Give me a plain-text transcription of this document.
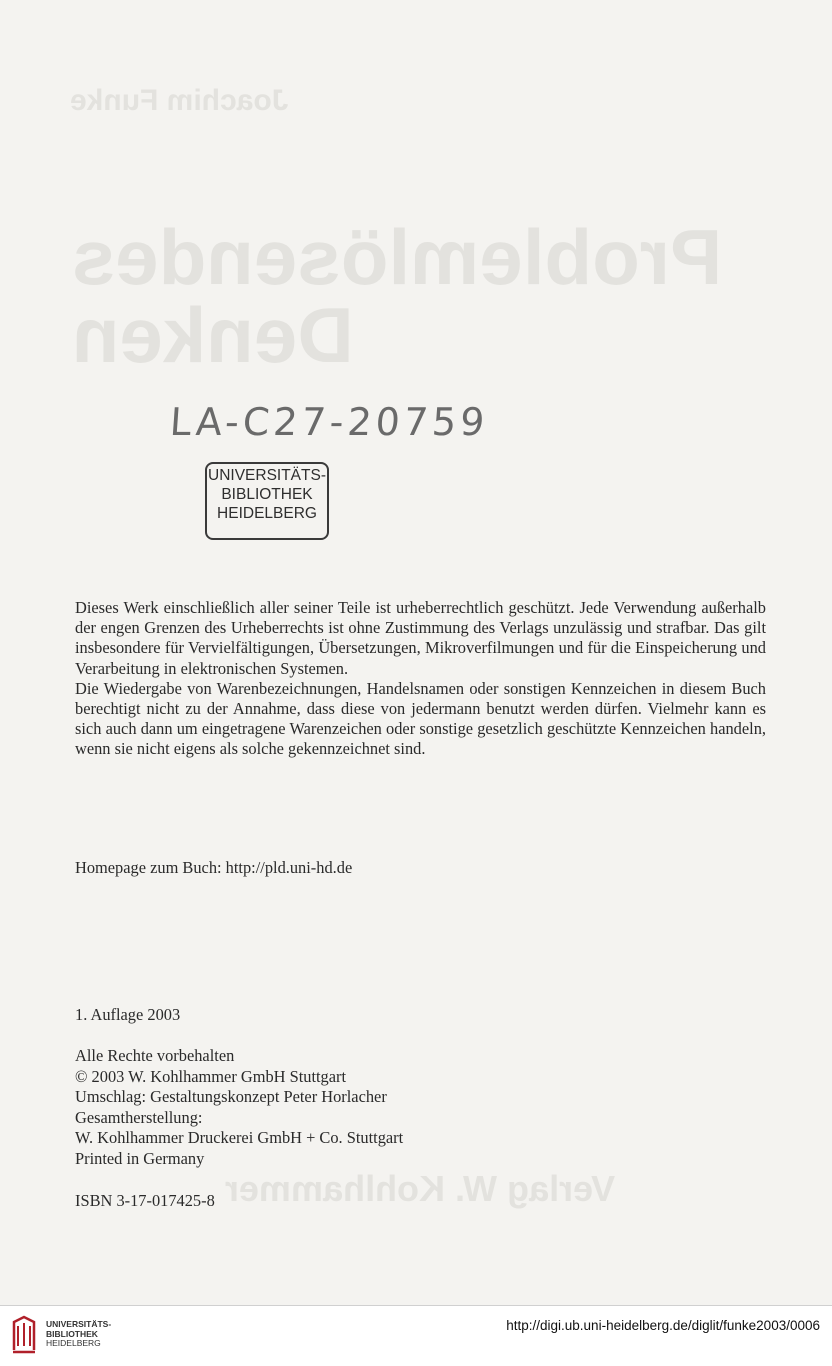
Joachim Funke
Problemlösendes
Denken
Verlag W. Kohlhammer
LA-C27-20759
UNIVERSITÄTS-
BIBLIOTHEK
HEIDELBERG

Dieses Werk einschließlich aller seiner Teile ist urheberrechtlich geschützt. Jede Verwendung außerhalb der engen Grenzen des Urheberrechts ist ohne Zustimmung des Verlags unzulässig und strafbar. Das gilt insbesondere für Vervielfältigungen, Übersetzungen, Mikroverfilmungen und für die Einspeicherung und Verarbeitung in elektronischen Systemen.

Die Wiedergabe von Warenbezeichnungen, Handelsnamen oder sonstigen Kennzeichen in diesem Buch berechtigt nicht zu der Annahme, dass diese von jedermann benutzt werden dürfen. Vielmehr kann es sich auch dann um eingetragene Warenzeichen oder sonstige gesetzlich geschützte Kennzeichen handeln, wenn sie nicht eigens als solche gekennzeichnet sind.

Homepage zum Buch: http://pld.uni-hd.de
1. Auflage 2003
Alle Rechte vorbehalten
© 2003 W. Kohlhammer GmbH Stuttgart
Umschlag: Gestaltungskonzept Peter Horlacher
Gesamtherstellung:
W. Kohlhammer Druckerei GmbH + Co. Stuttgart
Printed in Germany
ISBN 3-17-017425-8
UNIVERSITÄTS-
BIBLIOTHEK
HEIDELBERG
http://digi.ub.uni-heidelberg.de/diglit/funke2003/0006
